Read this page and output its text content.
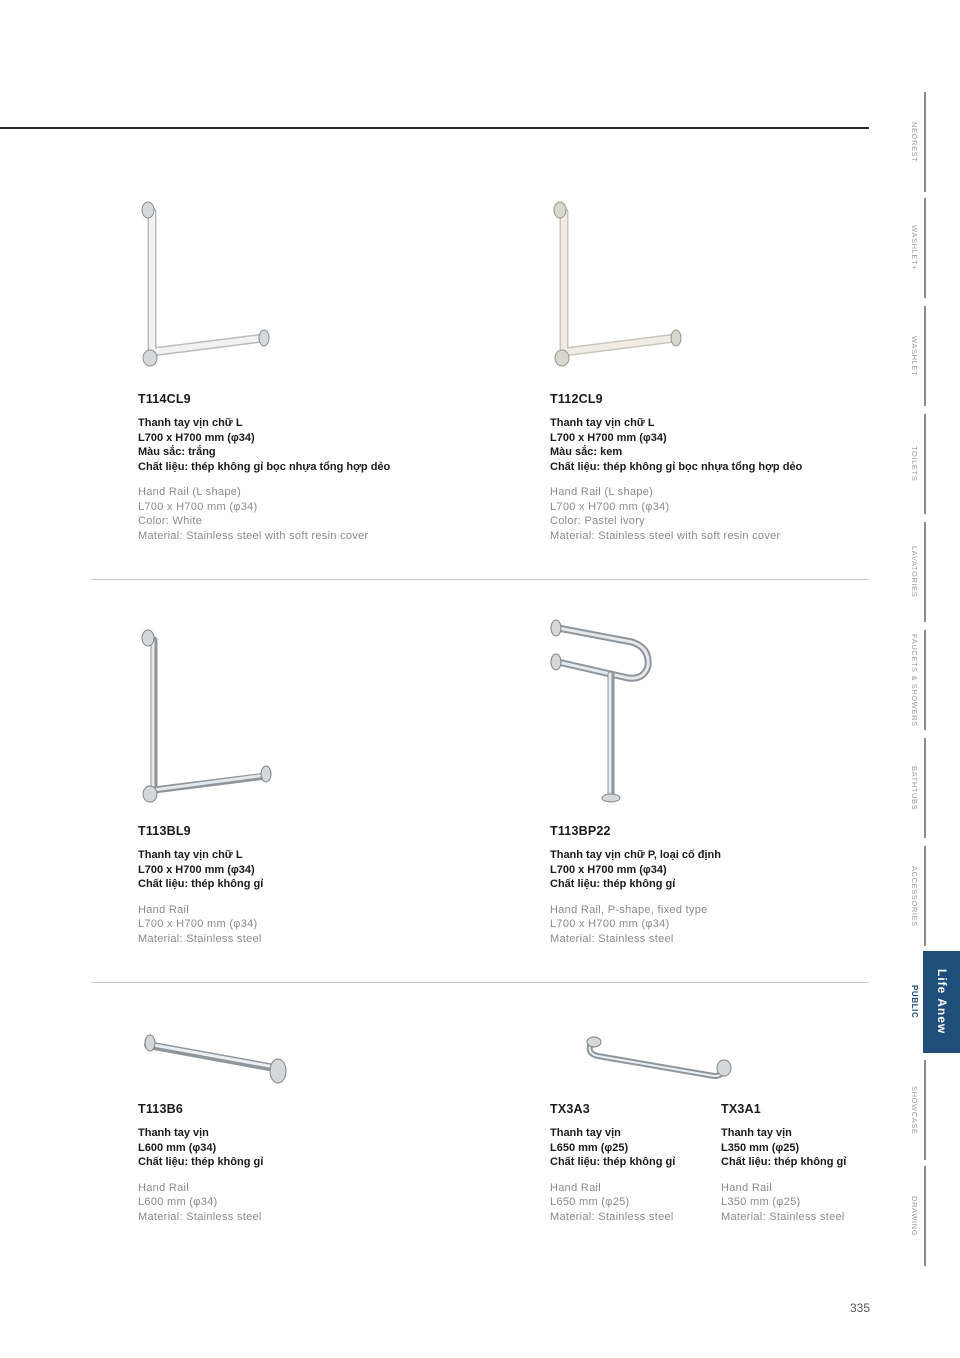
T114CL9
Thanh tay vịn chữ L
L700 x H700 mm (φ34)
Màu sắc: trắng
Chất liệu: thép không gỉ bọc nhựa tổng hợp dẻo
Hand Rail (L shape)
L700 x H700 mm (φ34)
Color: White
Material: Stainless steel with soft resin cover
T112CL9
Thanh tay vịn chữ L
L700 x H700 mm (φ34)
Màu sắc: kem
Chất liệu: thép không gỉ bọc nhựa tổng hợp dẻo
Hand Rail (L shape)
L700 x H700 mm (φ34)
Color: Pastel ivory
Material: Stainless steel with soft resin cover
T113BL9
Thanh tay vịn chữ L
L700 x H700 mm (φ34)
Chất liệu: thép không gỉ
Hand Rail
L700 x H700 mm (φ34)
Material: Stainless steel
T113BP22
Thanh tay vịn chữ P, loại cố định
L700 x H700 mm (φ34)
Chất liệu: thép không gỉ
Hand Rail, P-shape, fixed type
L700 x H700 mm (φ34)
Material: Stainless steel
T113B6
Thanh tay vịn
L600 mm (φ34)
Chất liệu: thép không gỉ
Hand Rail
L600 mm (φ34)
Material: Stainless steel
TX3A3
Thanh tay vịn
L650 mm (φ25)
Chất liệu: thép không gỉ
Hand Rail
L650 mm (φ25)
Material: Stainless steel
TX3A1
Thanh tay vịn
L350 mm (φ25)
Chất liệu: thép không gỉ
Hand Rail
L350 mm (φ25)
Material: Stainless steel
NEOREST
WASHLET+
WASHLET
TOILETS
LAVATORIES
FAUCETS & SHOWERS
BATHTUBS
ACCESSORIES
PUBLIC
SHOWCASE
DRAWING
Life Anew
335
